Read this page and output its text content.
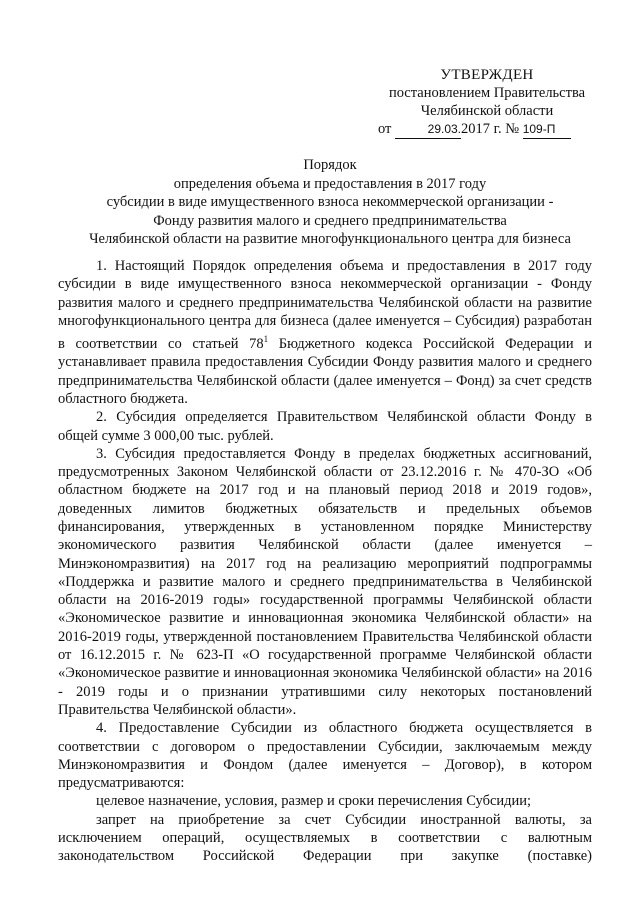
УТВЕРЖДЕН
постановлением Правительства
Челябинской области
от	29.03.2017 г. № 109-П
Порядок
определения объема и предоставления в 2017 году
субсидии в виде имущественного взноса некоммерческой организации -
Фонду развития малого и среднего предпринимательства
Челябинской области на развитие многофункционального центра для бизнеса

1. Настоящий Порядок определения объема и предоставления в 2017 году субсидии в виде имущественного взноса некоммерческой организации - Фонду развития малого и среднего предпринимательства Челябинской области на развитие многофункционального центра для бизнеса (далее именуется – Субсидия) разработан в соответствии со статьей $78^1$ Бюджетного кодекса Российской Федерации и устанавливает правила предоставления Субсидии Фонду развития малого и среднего предпринимательства Челябинской области (далее именуется – Фонд) за счет средств областного бюджета.

2. Субсидия определяется Правительством Челябинской области Фонду в общей сумме 3 000,00 тыс. рублей.

3. Субсидия предоставляется Фонду в пределах бюджетных ассигнований, предусмотренных Законом Челябинской области от 23.12.2016 г. № 470-ЗО «Об областном бюджете на 2017 год и на плановый период 2018 и 2019 годов», доведенных лимитов бюджетных обязательств и предельных объемов финансирования, утвержденных в установленном порядке Министерству экономического развития Челябинской области (далее именуется – Минэкономразвития) на 2017 год на реализацию мероприятий подпрограммы «Поддержка и развитие малого и среднего предпринимательства в Челябинской области на 2016-2019 годы» государственной программы Челябинской области «Экономическое развитие и инновационная экономика Челябинской области» на 2016-2019 годы, утвержденной постановлением Правительства Челябинской области от 16.12.2015 г. № 623-П «О государственной программе Челябинской области «Экономическое развитие и инновационная экономика Челябинской области» на 2016 - 2019 годы и о признании утратившими силу некоторых постановлений Правительства Челябинской области».

4. Предоставление Субсидии из областного бюджета осуществляется в соответствии с договором о предоставлении Субсидии, заключаемым между Минэкономразвития и Фондом (далее именуется – Договор), в котором предусматриваются:

целевое назначение, условия, размер и сроки перечисления Субсидии;

запрет на приобретение за счет Субсидии иностранной валюты, за исключением операций, осуществляемых в соответствии с валютным законодательством Российской Федерации при закупке (поставке)
